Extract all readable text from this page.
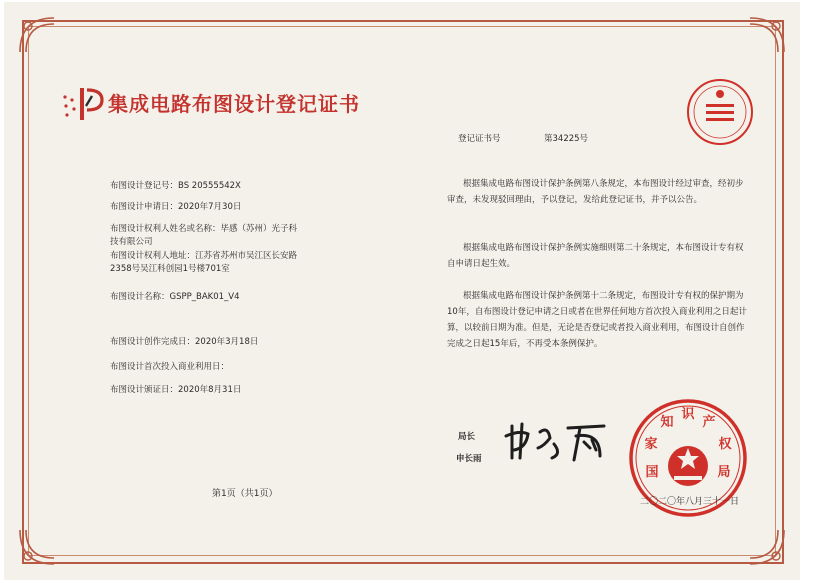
集成电路布图设计登记证书
布图设计登记号：BS 20555542X
布图设计申请日：2020年7月30日
布图设计权利人姓名或名称：毕感（苏州）光子科技有限公司
布图设计权利人地址：江苏省苏州市吴江区长安路2358号吴江科创园1号楼701室
布图设计名称：GSPP_BAK01_V4
布图设计创作完成日：2020年3月18日
布图设计首次投入商业利用日：
布图设计颁证日：2020年8月31日
登记证书号	第34225号
根据集成电路布图设计保护条例第八条规定，本布图设计经过审查，经初步审查，未发现驳回理由，予以登记，发给此登记证书，并予以公告。
根据集成电路布图设计保护条例实施细则第二十条规定，本布图设计专有权自申请日起生效。
根据集成电路布图设计保护条例第十二条规定，布图设计专有权的保护期为10年，自布图设计登记申请之日或者在世界任何地方首次投入商业利用之日起计算，以较前日期为准。但是，无论是否登记或者投入商业利用，布图设计自创作完成之日起15年后，不再受本条例保护。
局长
申长雨
国
家
知
识
产
权
局
二〇二〇年八月三十一日
第1页（共1页）
